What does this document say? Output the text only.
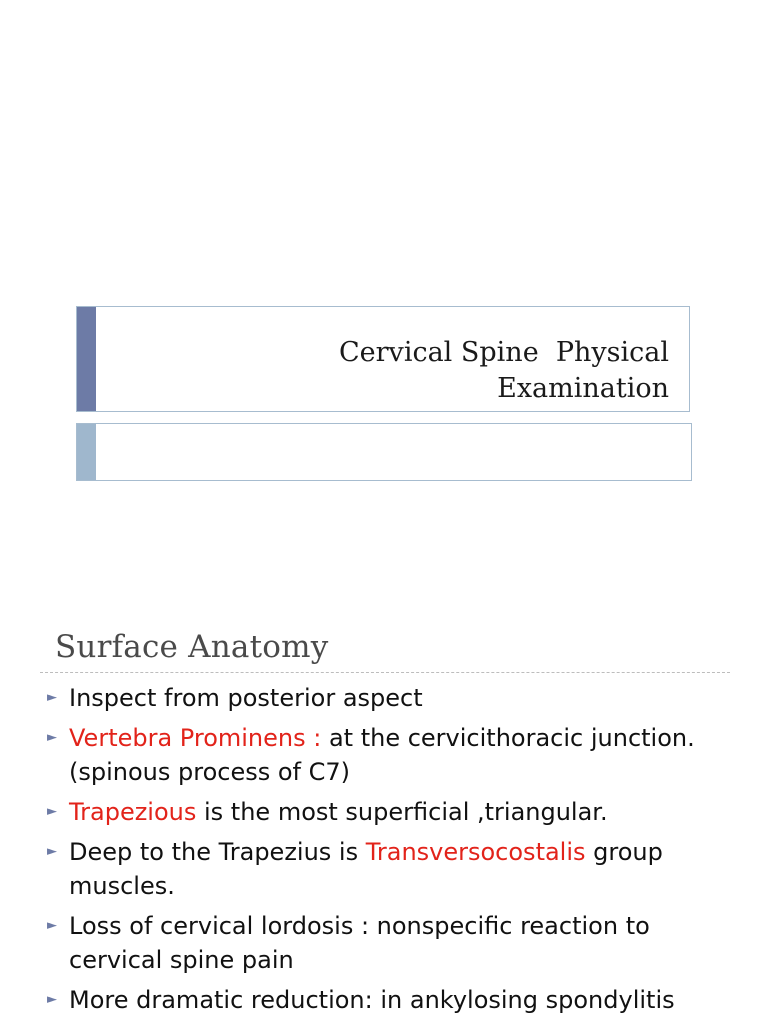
Cervical Spine  Physical
Examination
Surface Anatomy
► Inspect from posterior aspect
► Vertebra Prominens : at the cervicithoracic junction.(spinous process of C7)
► Trapezious is the most superficial ,triangular.
► Deep to the Trapezius is Transversocostalis group muscles.
► Loss of cervical lordosis : nonspecific reaction to cervical spine pain
► More dramatic reduction: in ankylosing spondylitis
